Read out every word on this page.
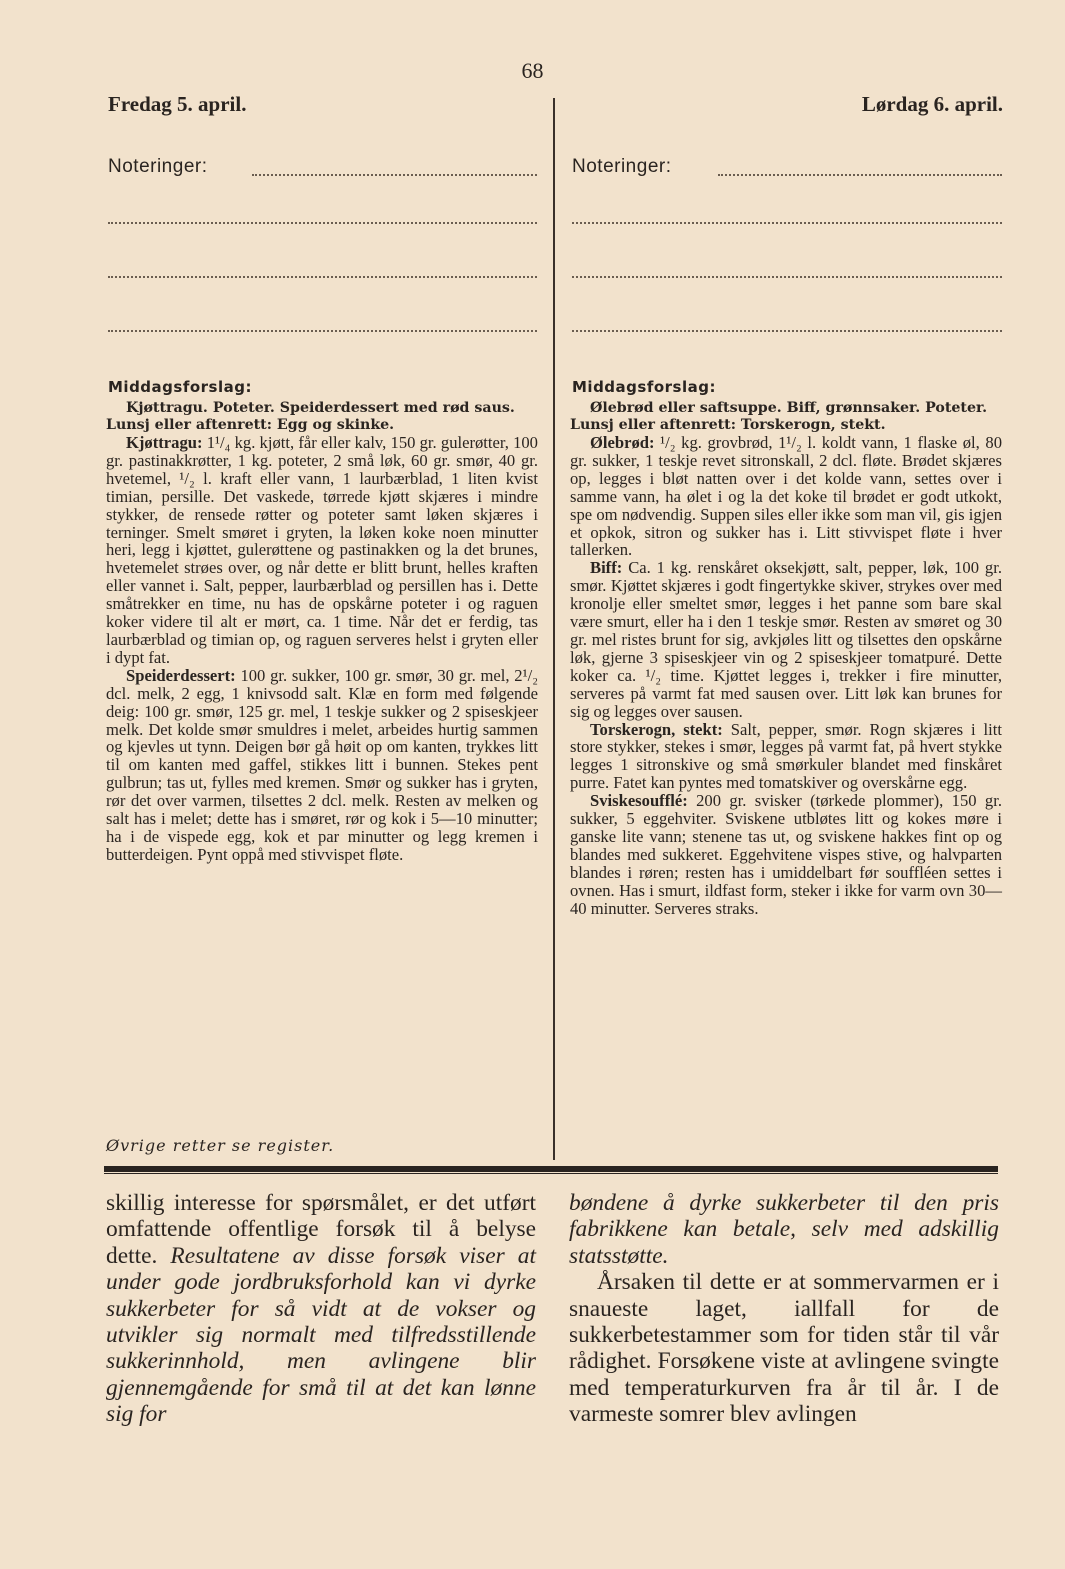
68
Fredag 5. april.	Lørdag 6. april.
Noteringer:	Noteringer:
Middagsforslag:	Middagsforslag:

Kjøttragu. Poteter. Speiderdessert med rød saus.

Lunsj eller aftenrett: Egg og skinke.

Kjøttragu: 1¹/₄ kg. kjøtt, får eller kalv, 150 gr. gulerøtter, 100 gr. pastinakkrøtter, 1 kg. poteter, 2 små løk, 60 gr. smør, 40 gr. hvetemel, ¹/₂ l. kraft eller vann, 1 laurbærblad, 1 liten kvist timian, persille. Det vaskede, tørrede kjøtt skjæres i mindre stykker, de rensede røtter og poteter samt løken skjæres i terninger. Smelt smøret i gryten, la løken koke noen minutter heri, legg i kjøttet, gulerøttene og pastinakken og la det brunes, hvetemelet strøes over, og når dette er blitt brunt, helles kraften eller vannet i. Salt, pepper, laurbærblad og persillen has i. Dette småtrekker en time, nu has de opskårne poteter i og raguen koker videre til alt er mørt, ca. 1 time. Når det er ferdig, tas laurbærblad og timian op, og raguen serveres helst i gryten eller i dypt fat.

Speiderdessert: 100 gr. sukker, 100 gr. smør, 30 gr. mel, 2¹/₂ dcl. melk, 2 egg, 1 knivsodd salt. Klæ en form med følgende deig: 100 gr. smør, 125 gr. mel, 1 teskje sukker og 2 spiseskjeer melk. Det kolde smør smuldres i melet, arbeides hurtig sammen og kjevles ut tynn. Deigen bør gå høit op om kanten, trykkes litt til om kanten med gaffel, stikkes litt i bunnen. Stekes pent gulbrun; tas ut, fylles med kremen. Smør og sukker has i gryten, rør det over varmen, tilsettes 2 dcl. melk. Resten av melken og salt has i melet; dette has i smøret, rør og kok i 5—10 minutter; ha i de vispede egg, kok et par minutter og legg kremen i butterdeigen. Pynt oppå med stivvispet fløte.

Øvrige retter se register.

Ølebrød eller saftsuppe. Biff, grønnsaker. Poteter.

Lunsj eller aftenrett: Torskerogn, stekt.

Ølebrød: ¹/₂ kg. grovbrød, 1¹/₂ l. koldt vann, 1 flaske øl, 80 gr. sukker, 1 teskje revet sitronskall, 2 dcl. fløte. Brødet skjæres op, legges i bløt natten over i det kolde vann, settes over i samme vann, ha ølet i og la det koke til brødet er godt utkokt, spe om nødvendig. Suppen siles eller ikke som man vil, gis igjen et opkok, sitron og sukker has i. Litt stivvispet fløte i hver tallerken.

Biff: Ca. 1 kg. renskåret oksekjøtt, salt, pepper, løk, 100 gr. smør. Kjøttet skjæres i godt fingertykke skiver, strykes over med kronolje eller smeltet smør, legges i het panne som bare skal være smurt, eller ha i den 1 teskje smør. Resten av smøret og 30 gr. mel ristes brunt for sig, avkjøles litt og tilsettes den opskårne løk, gjerne 3 spiseskjeer vin og 2 spiseskjeer tomatpuré. Dette koker ca. ¹/₂ time. Kjøttet legges i, trekker i fire minutter, serveres på varmt fat med sausen over. Litt løk kan brunes for sig og legges over sausen.

Torskerogn, stekt: Salt, pepper, smør. Rogn skjæres i litt store stykker, stekes i smør, legges på varmt fat, på hvert stykke legges 1 sitronskive og små smørkuler blandet med finskåret purre. Fatet kan pyntes med tomatskiver og overskårne egg.

Sviskesoufflé: 200 gr. svisker (tørkede plommer), 150 gr. sukker, 5 eggehviter. Sviskene utbløtes litt og kokes møre i ganske lite vann; stenene tas ut, og sviskene hakkes fint op og blandes med sukkeret. Eggehvitene vispes stive, og halvparten blandes i røren; resten has i umiddelbart før souffléen settes i ovnen. Has i smurt, ildfast form, steker i ikke for varm ovn 30—40 minutter. Serveres straks.

skillig interesse for spørsmålet, er det utført omfattende offentlige forsøk til å belyse dette. Resultatene av disse forsøk viser at under gode jordbruksforhold kan vi dyrke sukkerbeter for så vidt at de vokser og utvikler sig normalt med tilfredsstillende sukkerinnhold, men avlingene blir gjennemgående for små til at det kan lønne sig for

bøndene å dyrke sukkerbeter til den pris fabrikkene kan betale, selv med adskillig statsstøtte.
Årsaken til dette er at sommervarmen er i snaueste laget, iallfall for de sukkerbetestammer som for tiden står til vår rådighet. Forsøkene viste at avlingene svingte med temperaturkurven fra år til år. I de varmeste somrer blev avlingen
